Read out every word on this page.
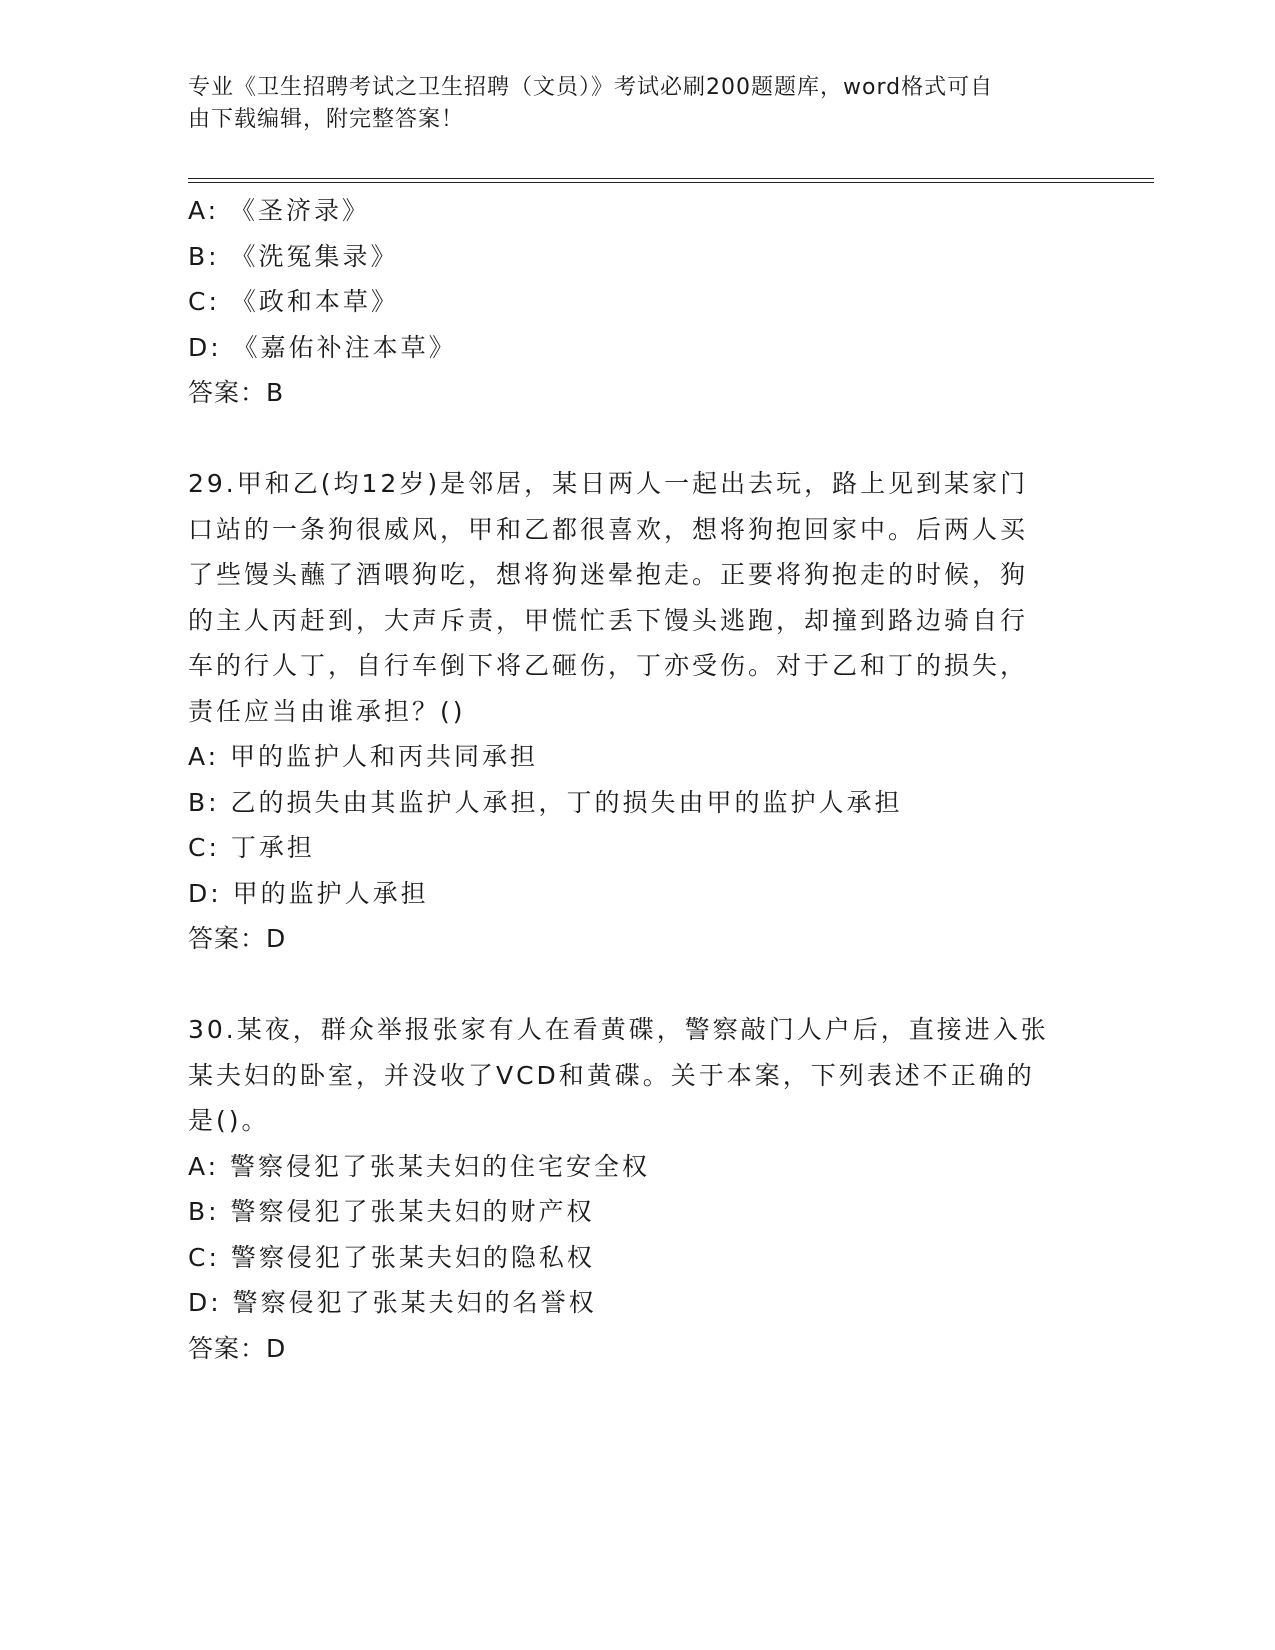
专业《卫生招聘考试之卫生招聘（文员）》考试必刷200题题库，word格式可自
由下载编辑，附完整答案！
A: 《圣济录》
B: 《洗冤集录》
C: 《政和本草》
D: 《嘉佑补注本草》
答案：B
29.甲和乙(均12岁)是邻居，某日两人一起出去玩，路上见到某家门
口站的一条狗很威风，甲和乙都很喜欢，想将狗抱回家中。后两人买
了些馒头蘸了酒喂狗吃，想将狗迷晕抱走。正要将狗抱走的时候，狗
的主人丙赶到，大声斥责，甲慌忙丢下馒头逃跑，却撞到路边骑自行
车的行人丁，自行车倒下将乙砸伤，丁亦受伤。对于乙和丁的损失，
责任应当由谁承担？()
A: 甲的监护人和丙共同承担
B: 乙的损失由其监护人承担，丁的损失由甲的监护人承担
C: 丁承担
D: 甲的监护人承担
答案：D
30.某夜，群众举报张家有人在看黄碟，警察敲门人户后，直接进入张
某夫妇的卧室，并没收了VCD和黄碟。关于本案，下列表述不正确的
是()。
A: 警察侵犯了张某夫妇的住宅安全权
B: 警察侵犯了张某夫妇的财产权
C: 警察侵犯了张某夫妇的隐私权
D: 警察侵犯了张某夫妇的名誉权
答案：D
